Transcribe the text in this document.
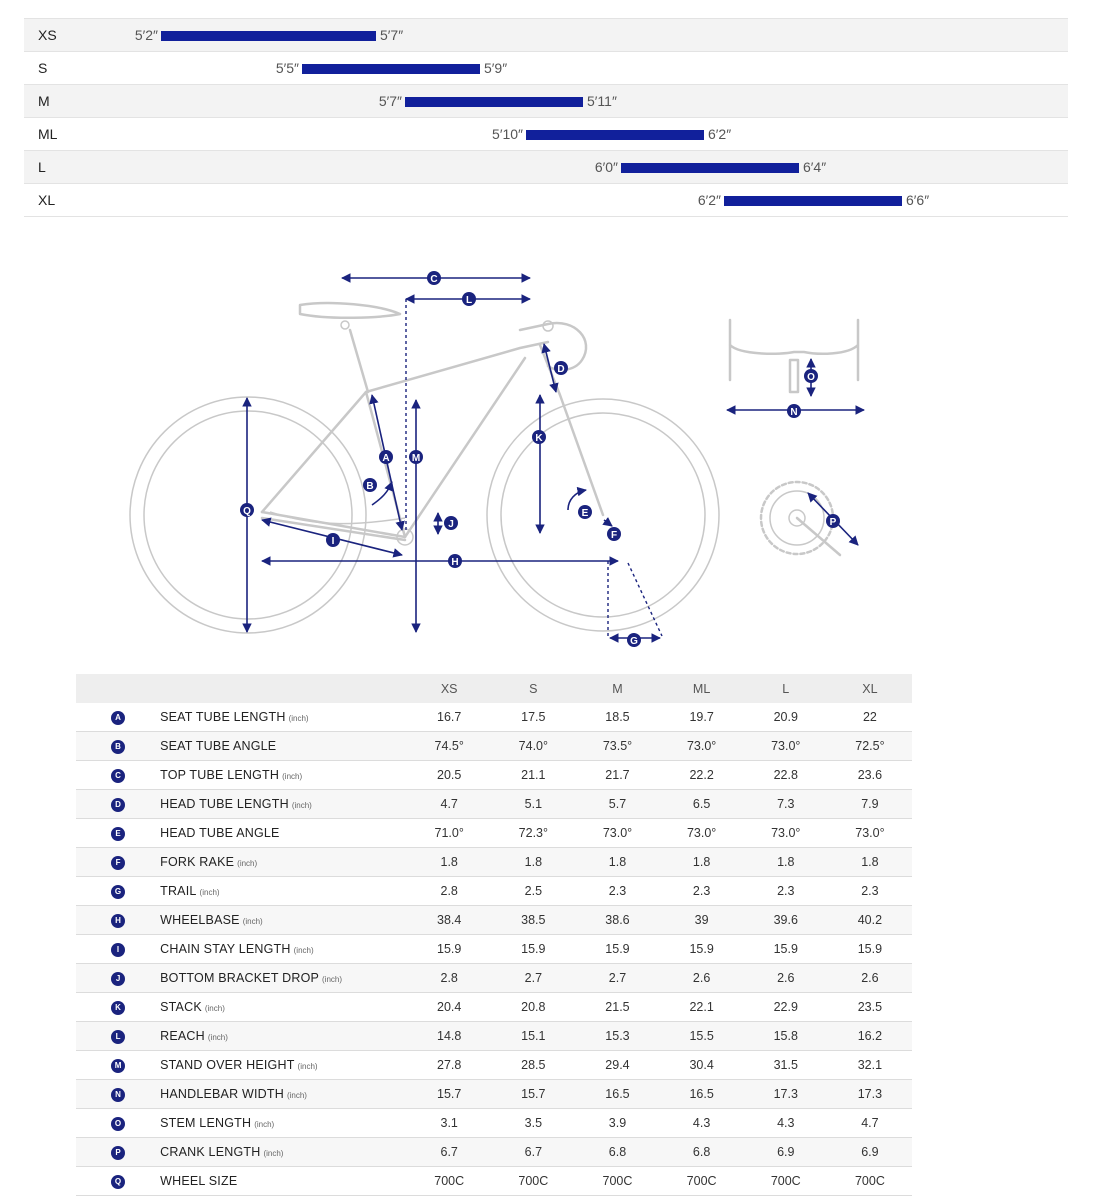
XS	5′2″	5′7″
S	5′5″	5′9″
M	5′7″	5′11″
ML	5′10″	6′2″
L	6′0″	6′4″
XL	6′2″	6′6″
A
B
C
D
E
F
G
H
I
J
K
L
M
N
O
P
Q
		XS	S	M	ML	L	XL
A	SEAT TUBE LENGTH (inch)	16.7	17.5	18.5	19.7	20.9	22
B	SEAT TUBE ANGLE	74.5°	74.0°	73.5°	73.0°	73.0°	72.5°
C	TOP TUBE LENGTH (inch)	20.5	21.1	21.7	22.2	22.8	23.6
D	HEAD TUBE LENGTH (inch)	4.7	5.1	5.7	6.5	7.3	7.9
E	HEAD TUBE ANGLE	71.0°	72.3°	73.0°	73.0°	73.0°	73.0°
F	FORK RAKE (inch)	1.8	1.8	1.8	1.8	1.8	1.8
G	TRAIL (inch)	2.8	2.5	2.3	2.3	2.3	2.3
H	WHEELBASE (inch)	38.4	38.5	38.6	39	39.6	40.2
I	CHAIN STAY LENGTH (inch)	15.9	15.9	15.9	15.9	15.9	15.9
J	BOTTOM BRACKET DROP (inch)	2.8	2.7	2.7	2.6	2.6	2.6
K	STACK (inch)	20.4	20.8	21.5	22.1	22.9	23.5
L	REACH (inch)	14.8	15.1	15.3	15.5	15.8	16.2
M	STAND OVER HEIGHT (inch)	27.8	28.5	29.4	30.4	31.5	32.1
N	HANDLEBAR WIDTH (inch)	15.7	15.7	16.5	16.5	17.3	17.3
O	STEM LENGTH (inch)	3.1	3.5	3.9	4.3	4.3	4.7
P	CRANK LENGTH (inch)	6.7	6.7	6.8	6.8	6.9	6.9
Q	WHEEL SIZE	700C	700C	700C	700C	700C	700C
